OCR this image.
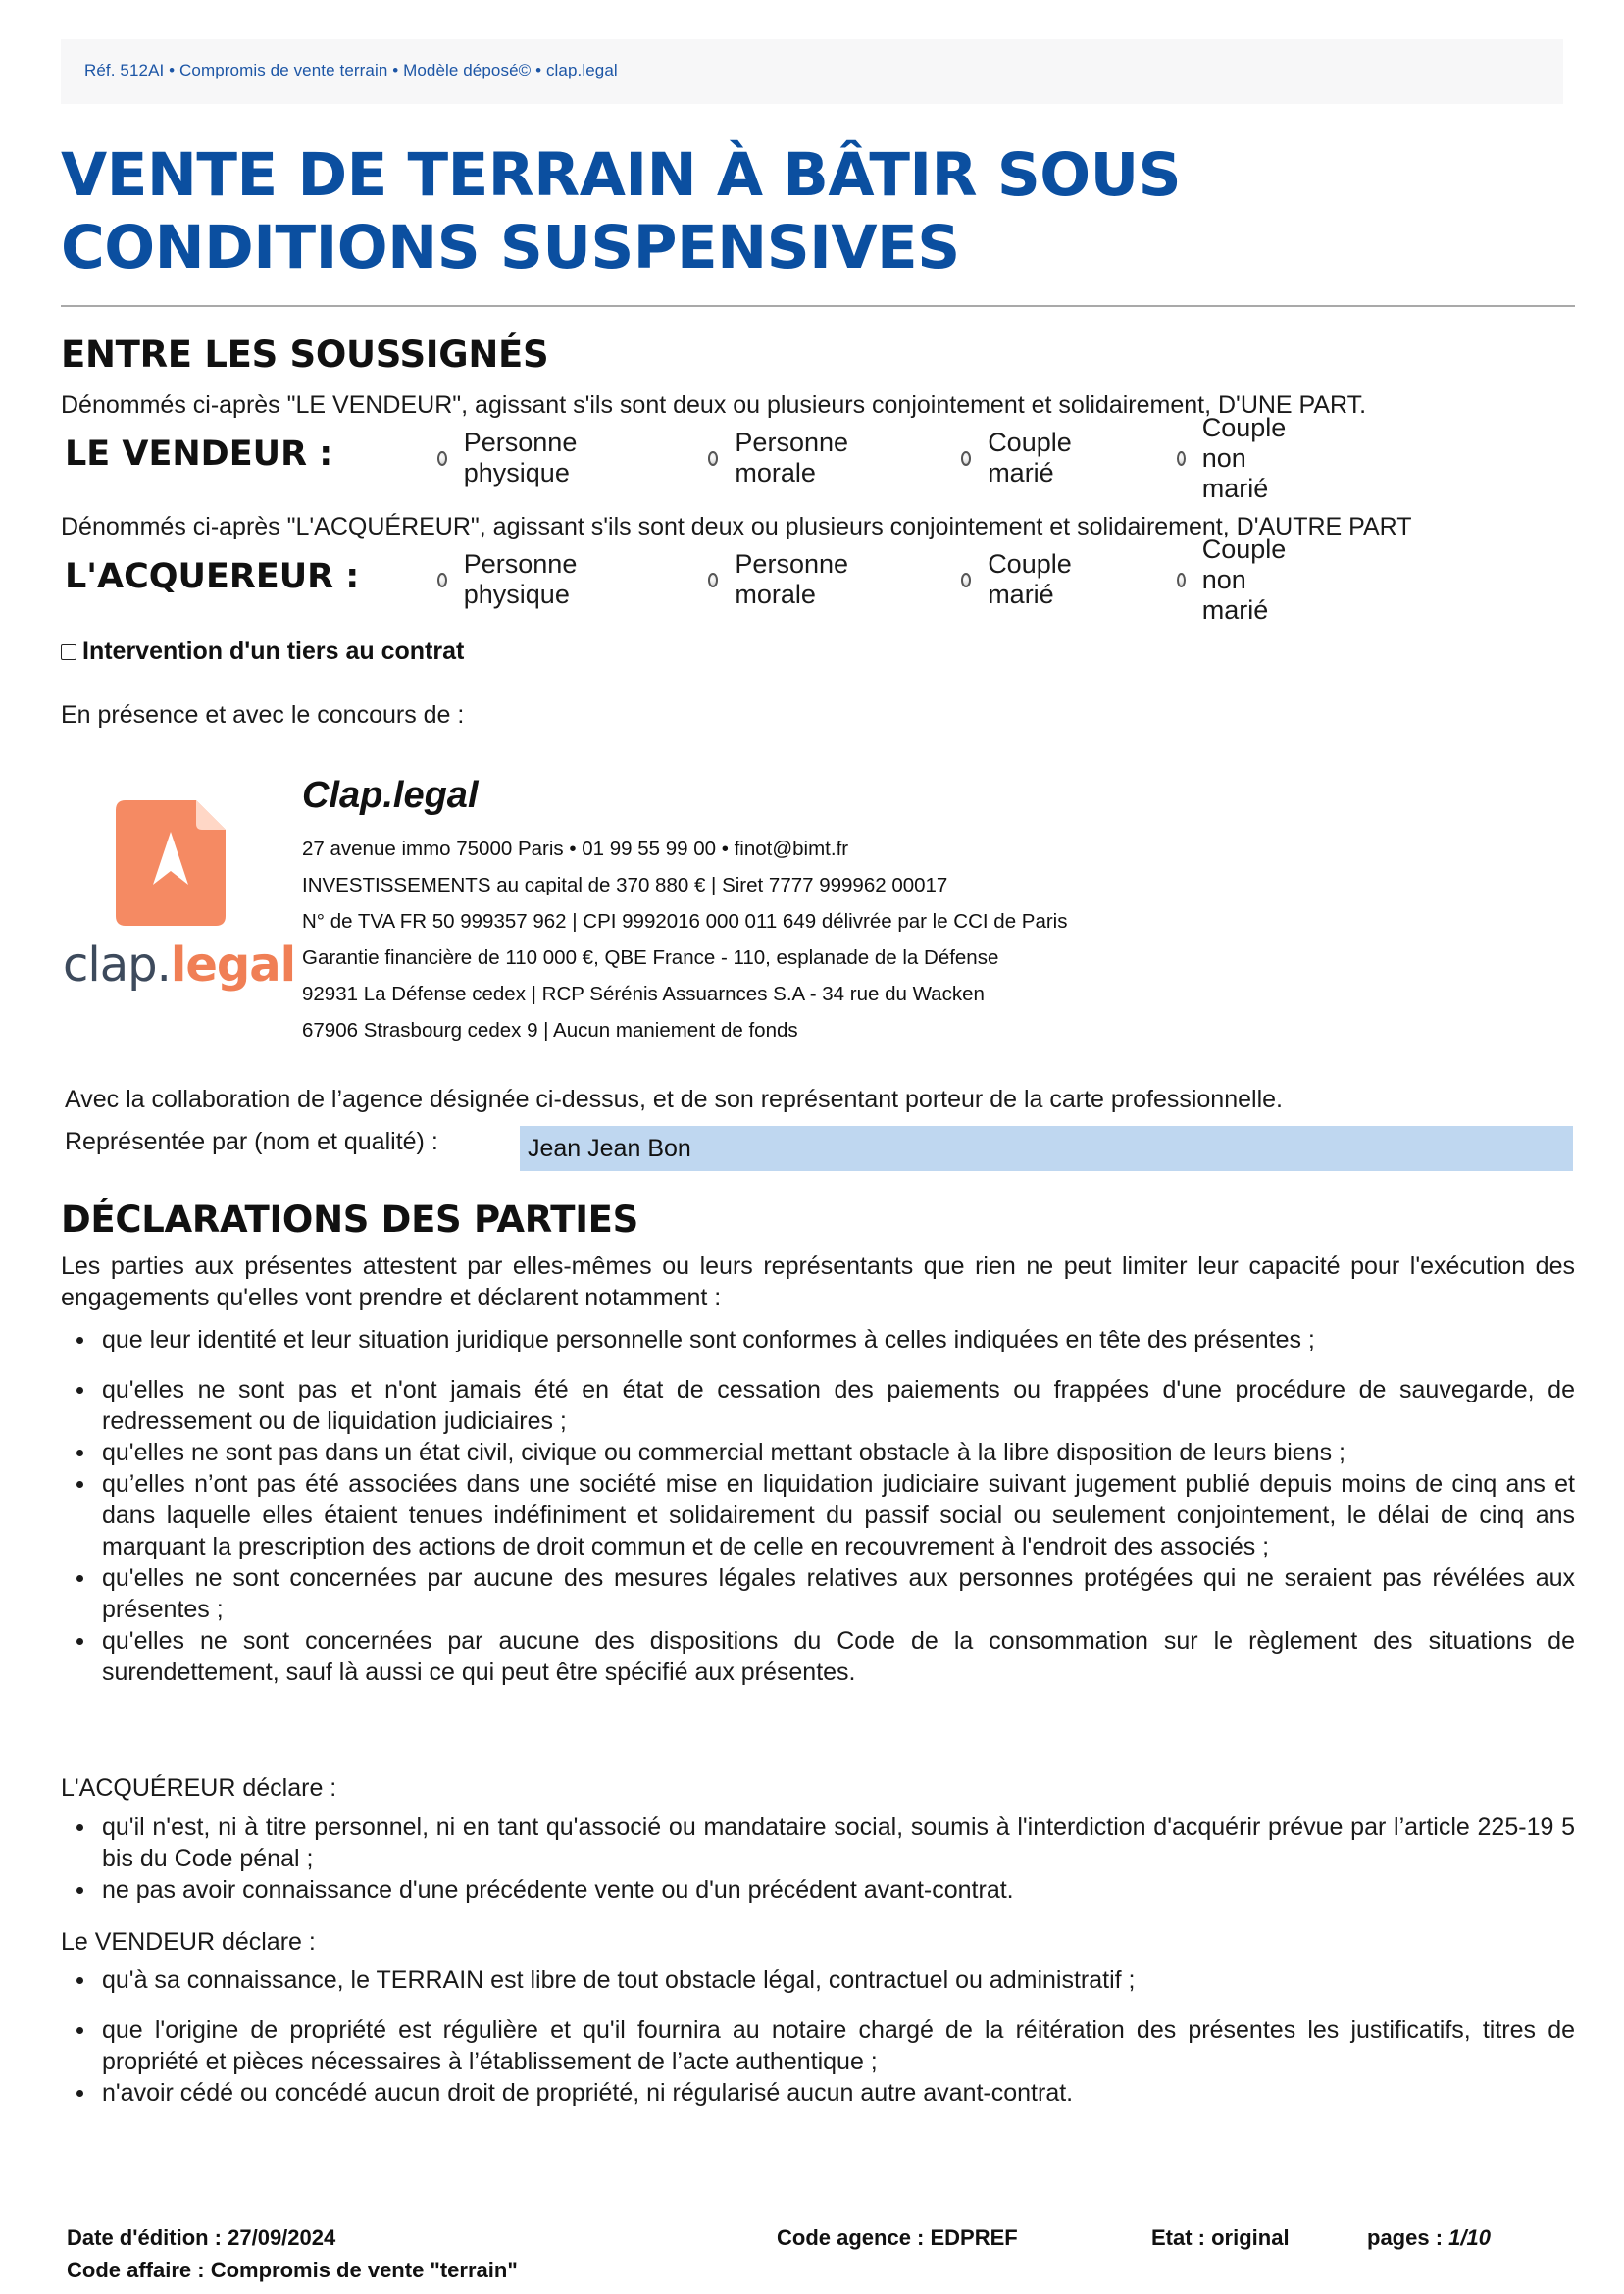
Réf. 512AI • Compromis de vente terrain • Modèle déposé© • clap.legal
VENTE DE TERRAIN À BÂTIR SOUS CONDITIONS SUSPENSIVES
ENTRE LES SOUSSIGNÉS
Dénommés ci-après "LE VENDEUR", agissant s'ils sont deux ou plusieurs conjointement et solidairement, D'UNE PART.
LE VENDEUR :	Personne physique
Personne morale
Couple marié
Couple non marié
Dénommés ci-après "L'ACQUÉREUR", agissant s'ils sont deux ou plusieurs conjointement et solidairement, D'AUTRE PART
L'ACQUEREUR :	Personne physique
Personne morale
Couple marié
Couple non marié
Intervention d'un tiers au contrat
En présence et avec le concours de :
clap.legal
Clap.legal
27 avenue immo 75000 Paris • 01 99 55 99 00 • finot@bimt.fr
INVESTISSEMENTS au capital de 370 880 € | Siret 7777 999962 00017
N° de TVA FR 50 999357 962 | CPI 9992016 000 011 649 délivrée par le CCI de Paris
Garantie financière de 110 000 €, QBE France - 110, esplanade de la Défense
92931 La Défense cedex | RCP Sérénis Assuarnces S.A - 34 rue du Wacken
67906 Strasbourg cedex 9 | Aucun maniement de fonds
Avec la collaboration de l’agence désignée ci-dessus, et de son représentant porteur de la carte professionnelle.
Représentée par (nom et qualité) :
Jean Jean Bon
DÉCLARATIONS DES PARTIES
Les parties aux présentes attestent par elles-mêmes ou leurs représentants que rien ne peut limiter leur capacité pour l'exécution des engagements qu'elles vont prendre et déclarent notamment :
que leur identité et leur situation juridique personnelle sont conformes à celles indiquées en tête des présentes ;
qu'elles ne sont pas et n'ont jamais été en état de cessation des paiements ou frappées d'une procédure de sauvegarde, de redressement ou de liquidation judiciaires ;
qu'elles ne sont pas dans un état civil, civique ou commercial mettant obstacle à la libre disposition de leurs biens ;
qu’elles n’ont pas été associées dans une société mise en liquidation judiciaire suivant jugement publié depuis moins de cinq ans et dans laquelle elles étaient tenues indéfiniment et solidairement du passif social ou seulement conjointement, le délai de cinq ans marquant la prescription des actions de droit commun et de celle en recouvrement à l'endroit des associés ;
qu'elles ne sont concernées par aucune des mesures légales relatives aux personnes protégées qui ne seraient pas révélées aux présentes ;
qu'elles ne sont concernées par aucune des dispositions du Code de la consommation sur le règlement des situations de surendettement, sauf là aussi ce qui peut être spécifié aux présentes.
L'ACQUÉREUR déclare :
qu'il n'est, ni à titre personnel, ni en tant qu'associé ou mandataire social, soumis à l'interdiction d'acquérir prévue par l’article 225-19 5 bis du Code pénal ;
ne pas avoir connaissance d'une précédente vente ou d'un précédent avant-contrat.
Le VENDEUR déclare :
qu'à sa connaissance, le TERRAIN est libre de tout obstacle légal, contractuel ou administratif ;
que l'origine de propriété est régulière et qu'il fournira au notaire chargé de la réitération des présentes les justificatifs, titres de propriété et pièces nécessaires à l’établissement de l’acte authentique ;
n'avoir cédé ou concédé aucun droit de propriété, ni régularisé aucun autre avant-contrat.
Date d'édition : 27/09/2024
Code affaire : Compromis de vente "terrain"
Code agence : EDPREF	Etat : original	pages : 1/10
